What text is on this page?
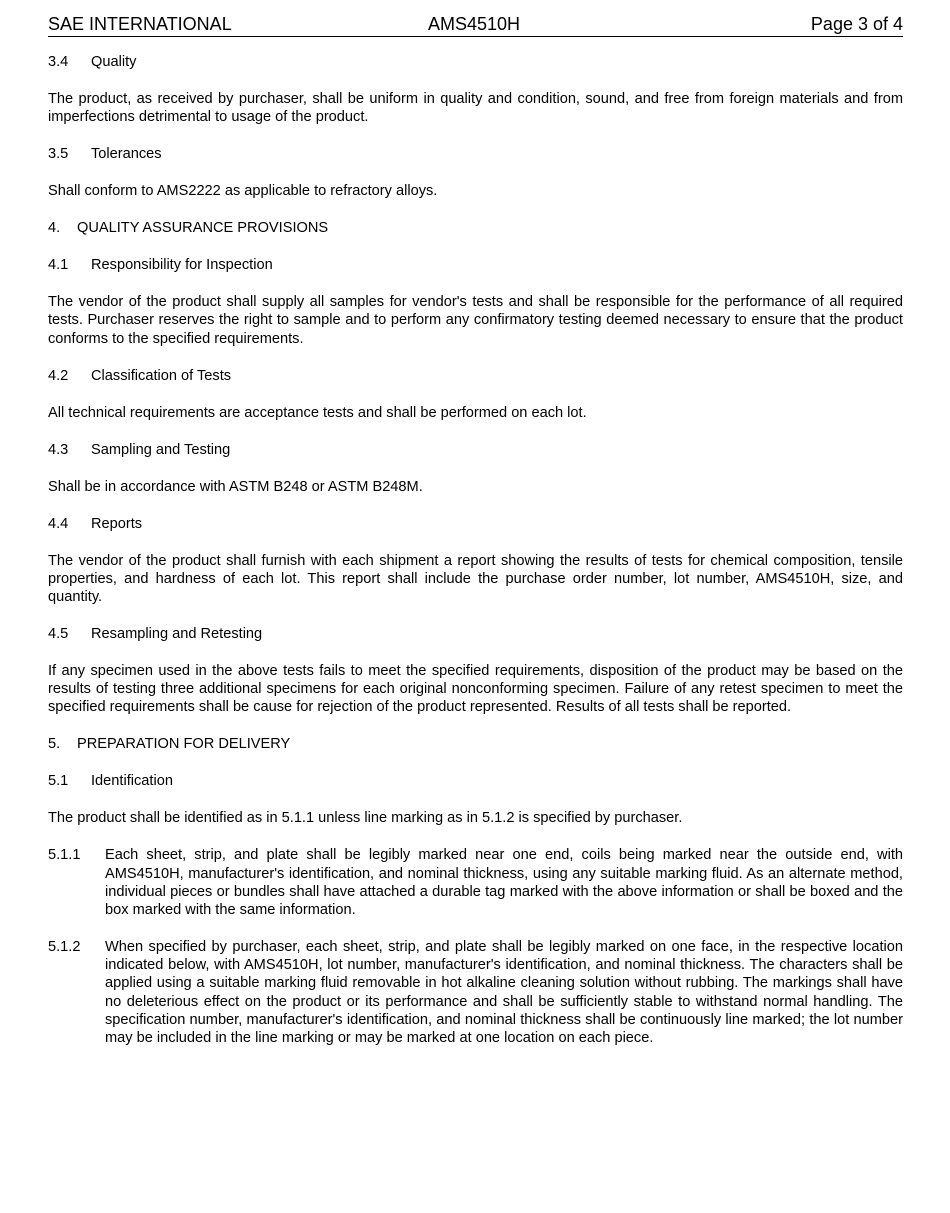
SAE INTERNATIONAL	AMS4510H	Page 3 of 4
3.4 Quality
The product, as received by purchaser, shall be uniform in quality and condition, sound, and free from foreign materials and from imperfections detrimental to usage of the product.
3.5 Tolerances
Shall conform to AMS2222 as applicable to refractory alloys.
4. QUALITY ASSURANCE PROVISIONS
4.1 Responsibility for Inspection
The vendor of the product shall supply all samples for vendor's tests and shall be responsible for the performance of all required tests. Purchaser reserves the right to sample and to perform any confirmatory testing deemed necessary to ensure that the product conforms to the specified requirements.
4.2 Classification of Tests
All technical requirements are acceptance tests and shall be performed on each lot.
4.3 Sampling and Testing
Shall be in accordance with ASTM B248 or ASTM B248M.
4.4 Reports
The vendor of the product shall furnish with each shipment a report showing the results of tests for chemical composition, tensile properties, and hardness of each lot. This report shall include the purchase order number, lot number, AMS4510H, size, and quantity.
4.5 Resampling and Retesting
If any specimen used in the above tests fails to meet the specified requirements, disposition of the product may be based on the results of testing three additional specimens for each original nonconforming specimen. Failure of any retest specimen to meet the specified requirements shall be cause for rejection of the product represented. Results of all tests shall be reported.
5. PREPARATION FOR DELIVERY
5.1 Identification
The product shall be identified as in 5.1.1 unless line marking as in 5.1.2 is specified by purchaser.
5.1.1	Each sheet, strip, and plate shall be legibly marked near one end, coils being marked near the outside end, with AMS4510H, manufacturer's identification, and nominal thickness, using any suitable marking fluid. As an alternate method, individual pieces or bundles shall have attached a durable tag marked with the above information or shall be boxed and the box marked with the same information.
5.1.2	When specified by purchaser, each sheet, strip, and plate shall be legibly marked on one face, in the respective location indicated below, with AMS4510H, lot number, manufacturer's identification, and nominal thickness. The characters shall be applied using a suitable marking fluid removable in hot alkaline cleaning solution without rubbing. The markings shall have no deleterious effect on the product or its performance and shall be sufficiently stable to withstand normal handling. The specification number, manufacturer's identification, and nominal thickness shall be continuously line marked; the lot number may be included in the line marking or may be marked at one location on each piece.
